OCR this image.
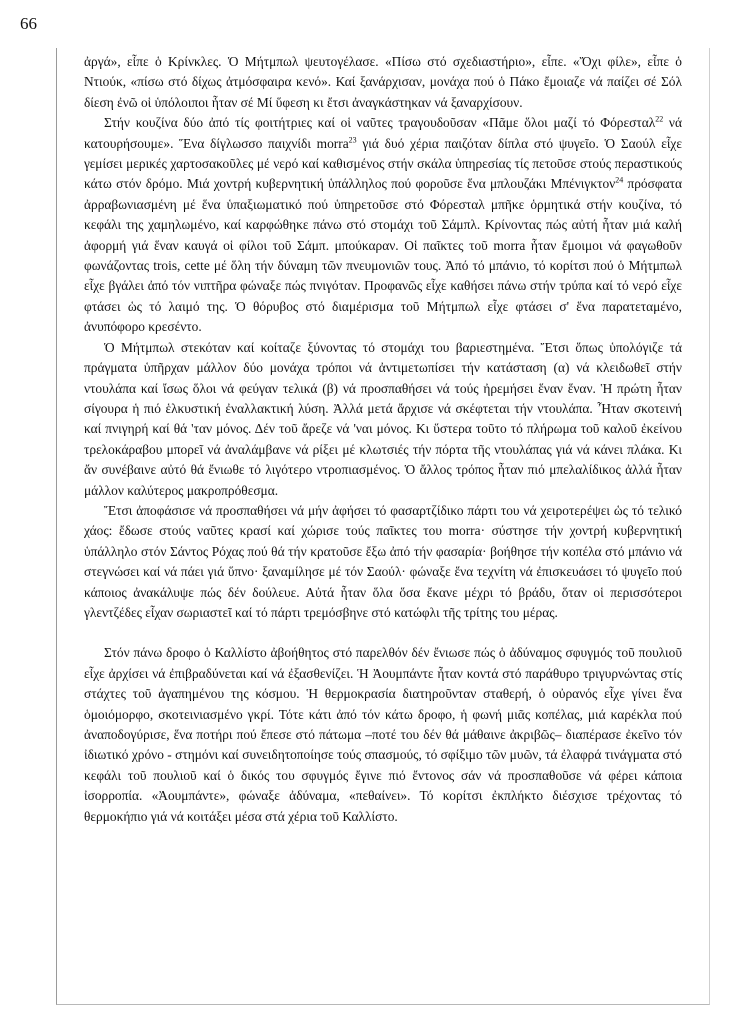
66

ἀργά», εἶπε ὁ Κρίνκλες. Ὁ Μήτμπωλ ψευτογέλασε. «Πίσω στό σχεδιαστήριο», εἶπε. «Ὄχι φίλε», εἶπε ὁ Ντιούκ, «πίσω στό δίχως ἀτμόσφαιρα κενό». Καί ξανάρχισαν, μονάχα πού ὁ Πάκο ἔμοιαζε νά παίζει σέ Σόλ δίεση ἐνῶ οἱ ὑπόλοιποι ἦταν σέ Μί ὕφεση κι ἔτσι ἀναγκάστηκαν νά ξαναρχίσουν.

Στήν κουζίνα δύο ἀπό τίς φοιτήτριες καί οἱ ναῦτες τραγουδοῦσαν «Πᾶμε ὅλοι μαζί τό Φόρεσταλ$^{22}$ νά κατουρήσουμε». Ἕνα δίγλωσσο παιχνίδι morra$^{23}$ γιά δυό χέρια παιζόταν δίπλα στό ψυγεῖο. Ὁ Σαούλ εἶχε γεμίσει μερικές χαρτοσακοῦλες μέ νερό καί καθισμένος στήν σκάλα ὑπηρεσίας τίς πετοῦσε στούς περαστικούς κάτω στόν δρόμο. Μιά χοντρή κυβερνητική ὑπάλληλος πού φοροῦσε ἕνα μπλουζάκι Μπένιγκτον$^{24}$ πρόσφατα ἀρραβωνιασμένη μέ ἕνα ὑπαξιωματικό πού ὑπηρετοῦσε στό Φόρεσταλ μπῆκε ὁρμητικά στήν κουζίνα, τό κεφάλι της χαμηλωμένο, καί καρφώθηκε πάνω στό στομάχι τοῦ Σάμπλ. Κρίνοντας πώς αὐτή ἦταν μιά καλή ἀφορμή γιά ἕναν καυγά οἱ φίλοι τοῦ Σάμπ. μπούκαραν. Οἱ παῖκτες τοῦ morra ἦταν ἔμοιμοι νά φαγωθοῦν φωνάζοντας trois, cette μέ ὅλη τήν δύναμη τῶν πνευμονιῶν τους. Ἀπό τό μπάνιο, τό κορίτσι πού ὁ Μήτμπωλ εἶχε βγάλει ἀπό τόν νιπτῆρα φώναξε πώς πνιγόταν. Προφανῶς εἶχε καθήσει πάνω στήν τρύπα καί τό νερό εἶχε φτάσει ὡς τό λαιμό της. Ὁ θόρυβος στό διαμέρισμα τοῦ Μήτμπωλ εἶχε φτάσει σ' ἕνα παρατεταμένο, ἀνυπόφορο κρεσέντο.

Ὁ Μήτμπωλ στεκόταν καί κοίταζε ξύνοντας τό στομάχι του βαριεστημένα. Ἔτσι ὅπως ὑπολόγιζε τά πράγματα ὑπῆρχαν μάλλον δύο μονάχα τρόποι νά ἀντιμετωπίσει τήν κατάσταση (α) νά κλειδωθεῖ στήν ντουλάπα καί ἴσως ὅλοι νά φεύγαν τελικά (β) νά προσπαθήσει νά τούς ἠρεμήσει ἕναν ἕναν. Ἡ πρώτη ἦταν σίγουρα ἡ πιό ἑλκυστική ἐναλλακτική λύση. Ἀλλά μετά ἄρχισε νά σκέφτεται τήν ντουλάπα. Ἦταν σκοτεινή καί πνιγηρή καί θά 'ταν μόνος. Δέν τοῦ ἄρεζε νά 'ναι μόνος. Κι ὕστερα τοῦτο τό πλήρωμα τοῦ καλοῦ ἐκείνου τρελοκάραβου μπορεῖ νά ἀναλάμβανε νά ρίξει μέ κλωτσιές τήν πόρτα τῆς ντουλάπας γιά νά κάνει πλάκα. Κι ἄν συνέβαινε αὐτό θά ἔνιωθε τό λιγότερο ντροπιασμένος. Ὁ ἄλλος τρόπος ἦταν πιό μπελαλίδικος ἀλλά ἦταν μάλλον καλύτερος μακροπρόθεσμα.

Ἔτσι ἀποφάσισε νά προσπαθήσει νά μήν ἀφήσει τό φασαρτζίδικο πάρτι του νά χειροτερέψει ὡς τό τελικό χάος: ἔδωσε στούς ναῦτες κρασί καί χώρισε τούς παῖκτες του morra· σύστησε τήν χοντρή κυβερνητική ὑπάλληλο στόν Σάντος Ρόχας πού θά τήν κρατοῦσε ἔξω ἀπό τήν φασαρία· βοήθησε τήν κοπέλα στό μπάνιο νά στεγνώσει καί νά πάει γιά ὕπνο· ξαναμίλησε μέ τόν Σαούλ· φώναξε ἕνα τεχνίτη νά ἐπισκευάσει τό ψυγεῖο πού κάποιος ἀνακάλυψε πώς δέν δούλευε. Αὐτά ἦταν ὅλα ὅσα ἔκανε μέχρι τό βράδυ, ὅταν οἱ περισσότεροι γλεντζέδες εἶχαν σωριαστεῖ καί τό πάρτι τρεμόσβηνε στό κατώφλι τῆς τρίτης του μέρας.

Στόν πάνω δροφο ὁ Καλλίστο ἀβοήθητος στό παρελθόν δέν ἔνιωσε πώς ὁ ἀδύναμος σφυγμός τοῦ πουλιοῦ εἶχε ἀρχίσει νά ἐπιβραδύνεται καί νά ἐξασθενίζει. Ἡ Ἀουμπάντε ἦταν κοντά στό παράθυρο τριγυρνώντας στίς στάχτες τοῦ ἀγαπημένου της κόσμου. Ἡ θερμοκρασία διατηροῦνταν σταθερή, ὁ οὐρανός εἶχε γίνει ἕνα ὁμοιόμορφο, σκοτεινιασμένο γκρί. Τότε κάτι ἀπό τόν κάτω δροφο, ἡ φωνή μιᾶς κοπέλας, μιά καρέκλα πού ἀναποδογύρισε, ἕνα ποτήρι πού ἔπεσε στό πάτωμα –ποτέ του δέν θά μάθαινε ἀκριβῶς– διαπέρασε ἐκεῖνο τόν ἰδιωτικό χρόνο - στημόνι καί συνειδητοποίησε τούς σπασμούς, τό σφίξιμο τῶν μυῶν, τά ἐλαφρά τινάγματα στό κεφάλι τοῦ πουλιοῦ καί ὁ δικός του σφυγμός ἔγινε πιό ἔντονος σάν νά προσπαθοῦσε νά φέρει κάποια ἰσορροπία. «Ἀουμπάντε», φώναξε ἀδύναμα, «πεθαίνει». Τό κορίτσι ἐκπλήκτο διέσχισε τρέχοντας τό θερμοκήπιο γιά νά κοιτάξει μέσα στά χέρια τοῦ Καλλίστο.
